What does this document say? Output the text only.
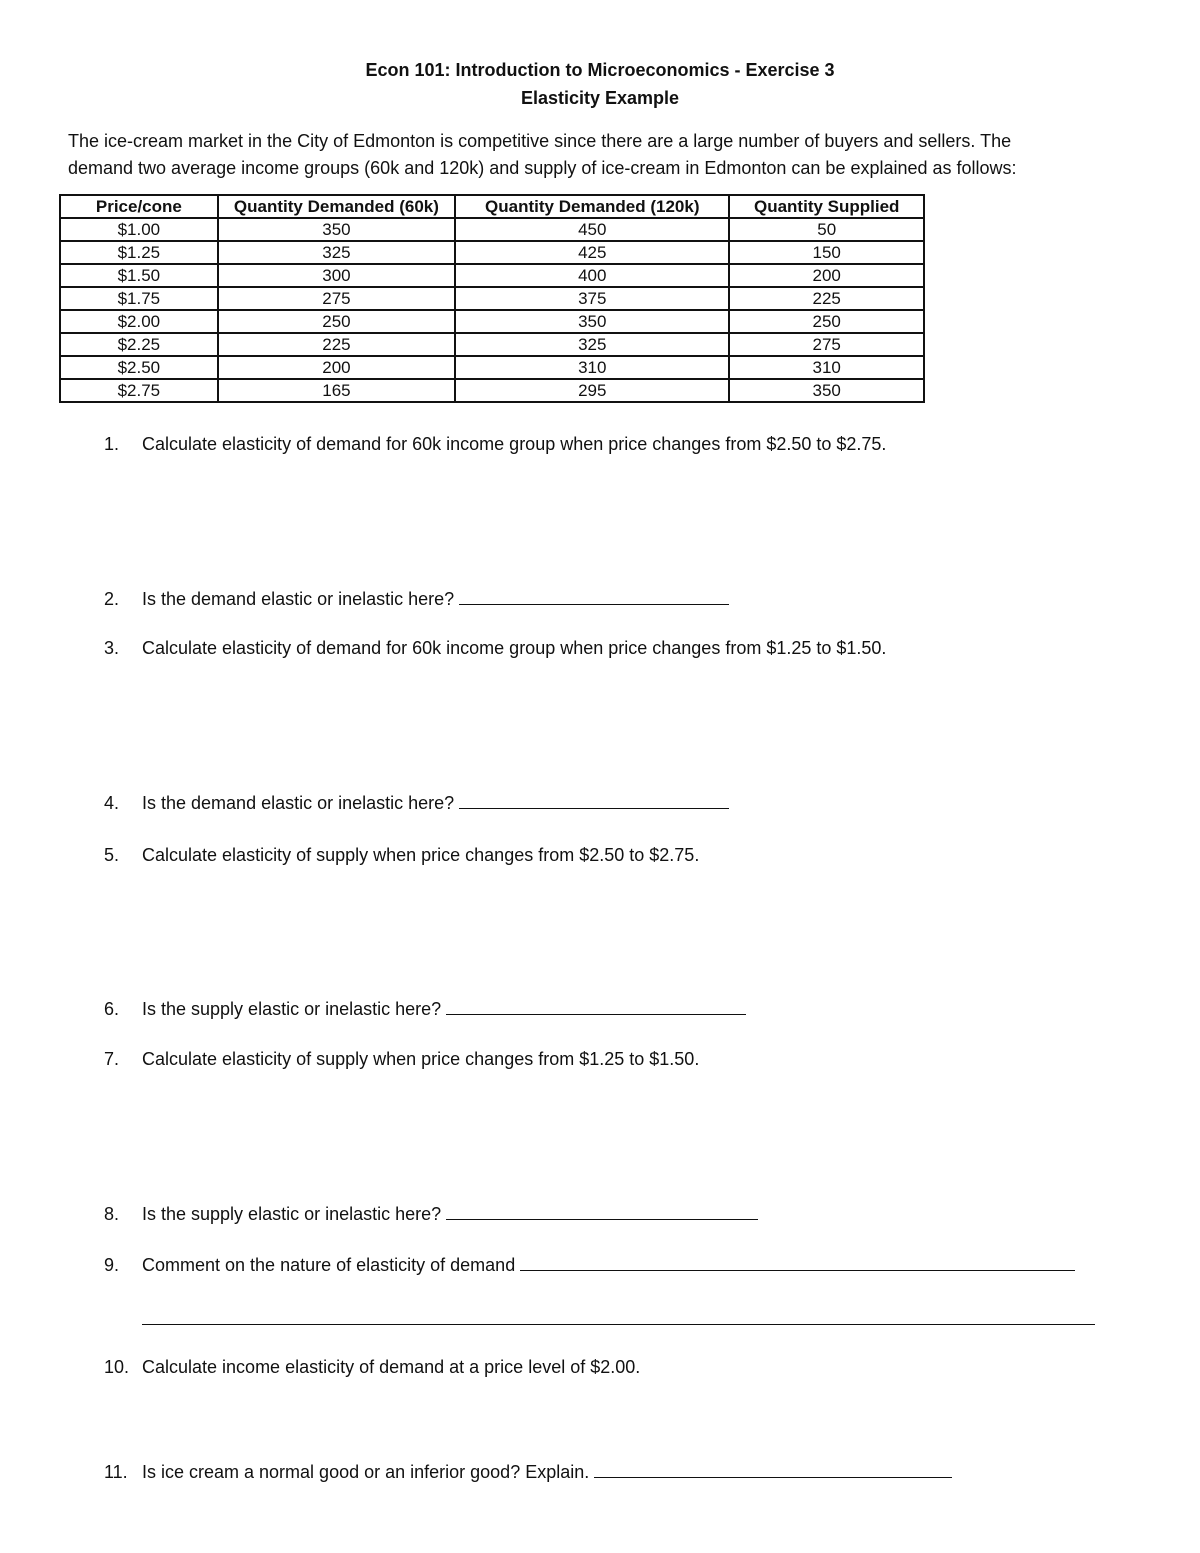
Econ 101: Introduction to Microeconomics - Exercise 3
Elasticity Example
The ice-cream market in the City of Edmonton is competitive since there are a large number of buyers and sellers. The
demand two average income groups (60k and 120k) and supply of ice-cream in Edmonton can be explained as follows:
Price/cone	Quantity Demanded (60k)	Quantity Demanded (120k)	Quantity Supplied
$1.00	350	450	50
$1.25	325	425	150
$1.50	300	400	200
$1.75	275	375	225
$2.00	250	350	250
$2.25	225	325	275
$2.50	200	310	310
$2.75	165	295	350
1. Calculate elasticity of demand for 60k income group when price changes from $2.50 to $2.75.
2. Is the demand elastic or inelastic here?
3. Calculate elasticity of demand for 60k income group when price changes from $1.25 to $1.50.
4. Is the demand elastic or inelastic here?
5. Calculate elasticity of supply when price changes from $2.50 to $2.75.
6. Is the supply elastic or inelastic here?
7. Calculate elasticity of supply when price changes from $1.25 to $1.50.
8. Is the supply elastic or inelastic here?
9. Comment on the nature of elasticity of demand
10. Calculate income elasticity of demand at a price level of $2.00.
11. Is ice cream a normal good or an inferior good? Explain.
